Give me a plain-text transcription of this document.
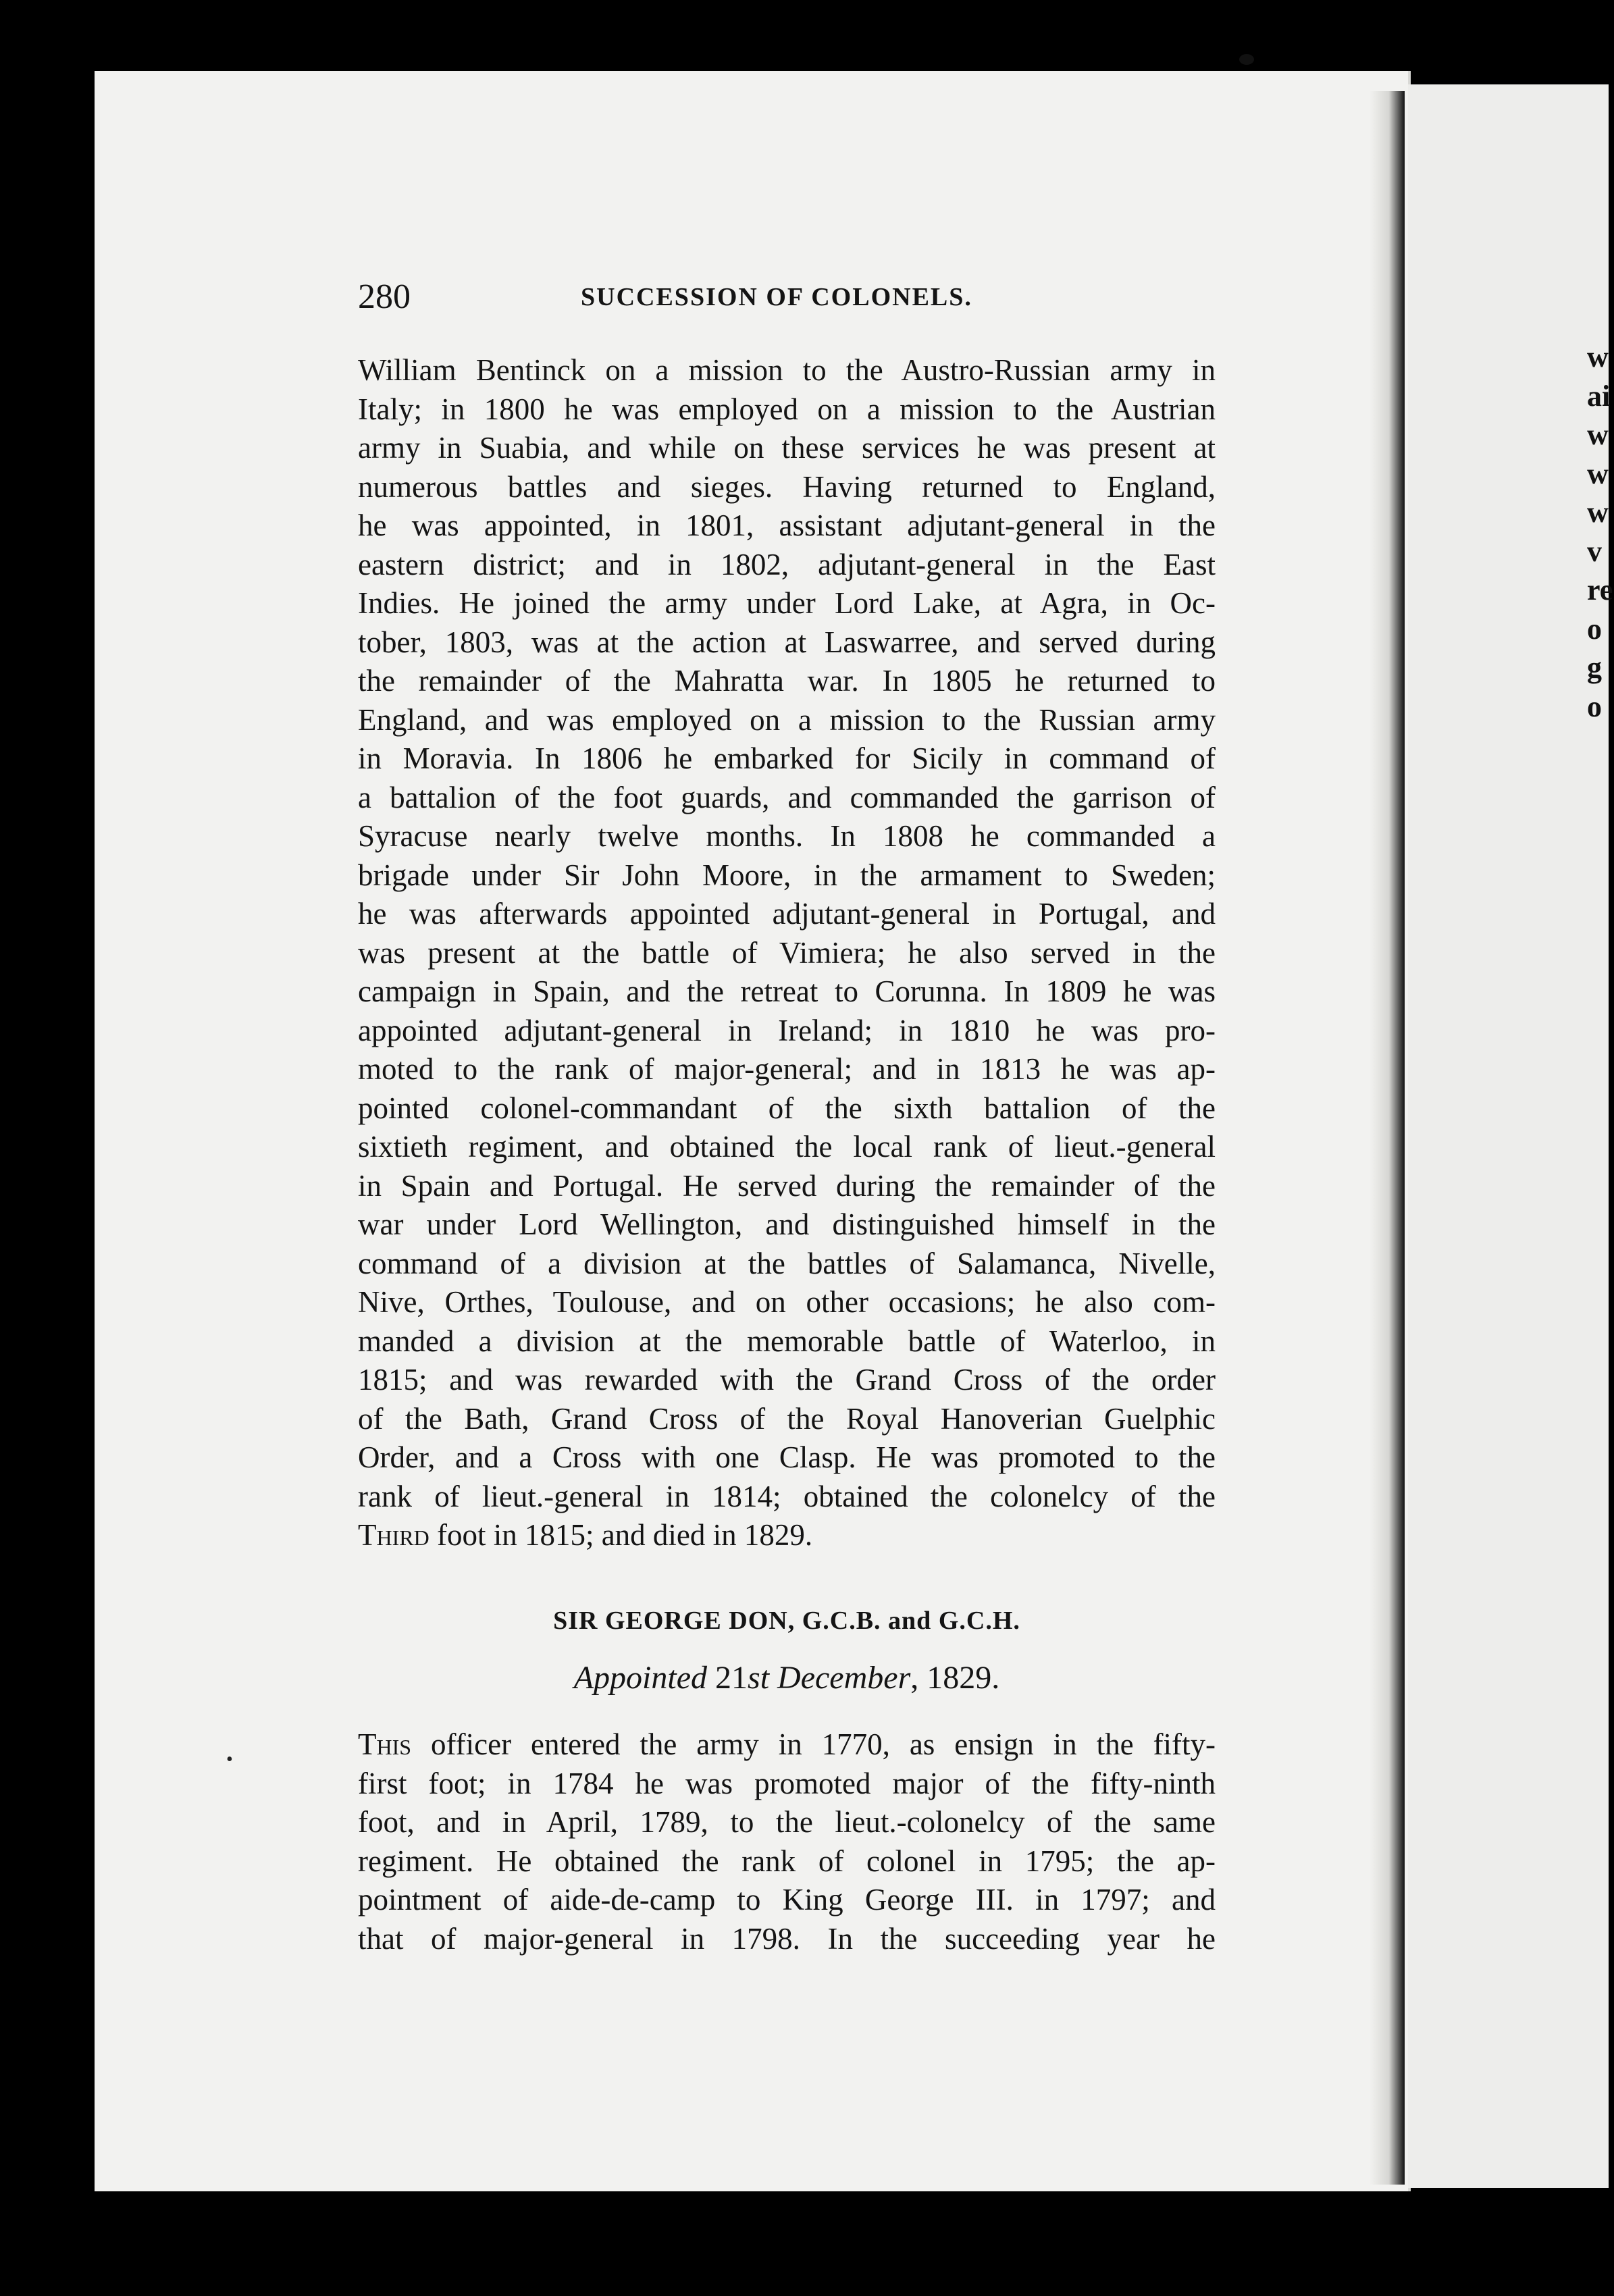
280	SUCCESSION OF COLONELS.
William Bentinck on a mission to the Austro-Russian army in
Italy; in 1800 he was employed on a mission to the Austrian
army in Suabia, and while on these services he was present at
numerous battles and sieges. Having returned to England,
he was appointed, in 1801, assistant adjutant-general in the
eastern district; and in 1802, adjutant-general in the East
Indies. He joined the army under Lord Lake, at Agra, in Oc-
tober, 1803, was at the action at Laswarree, and served during
the remainder of the Mahratta war. In 1805 he returned to
England, and was employed on a mission to the Russian army
in Moravia. In 1806 he embarked for Sicily in command of
a battalion of the foot guards, and commanded the garrison of
Syracuse nearly twelve months. In 1808 he commanded a
brigade under Sir John Moore, in the armament to Sweden;
he was afterwards appointed adjutant-general in Portugal, and
was present at the battle of Vimiera; he also served in the
campaign in Spain, and the retreat to Corunna. In 1809 he was
appointed adjutant-general in Ireland; in 1810 he was pro-
moted to the rank of major-general; and in 1813 he was ap-
pointed colonel-commandant of the sixth battalion of the
sixtieth regiment, and obtained the local rank of lieut.-general
in Spain and Portugal. He served during the remainder of the
war under Lord Wellington, and distinguished himself in the
command of a division at the battles of Salamanca, Nivelle,
Nive, Orthes, Toulouse, and on other occasions; he also com-
manded a division at the memorable battle of Waterloo, in
1815; and was rewarded with the Grand Cross of the order
of the Bath, Grand Cross of the Royal Hanoverian Guelphic
Order, and a Cross with one Clasp. He was promoted to the
rank of lieut.-general in 1814; obtained the colonelcy of the
Third foot in 1815; and died in 1829.
SIR GEORGE DON, G.C.B. and G.C.H.
Appointed 21st December, 1829.
This officer entered the army in 1770, as ensign in the fifty-
first foot; in 1784 he was promoted major of the fifty-ninth
foot, and in April, 1789, to the lieut.-colonelcy of the same
regiment. He obtained the rank of colonel in 1795; the ap-
pointment of aide-de-camp to King George III. in 1797; and
that of major-general in 1798. In the succeeding year he
•
w
ai
w
w
w
v
re
o
g
o
